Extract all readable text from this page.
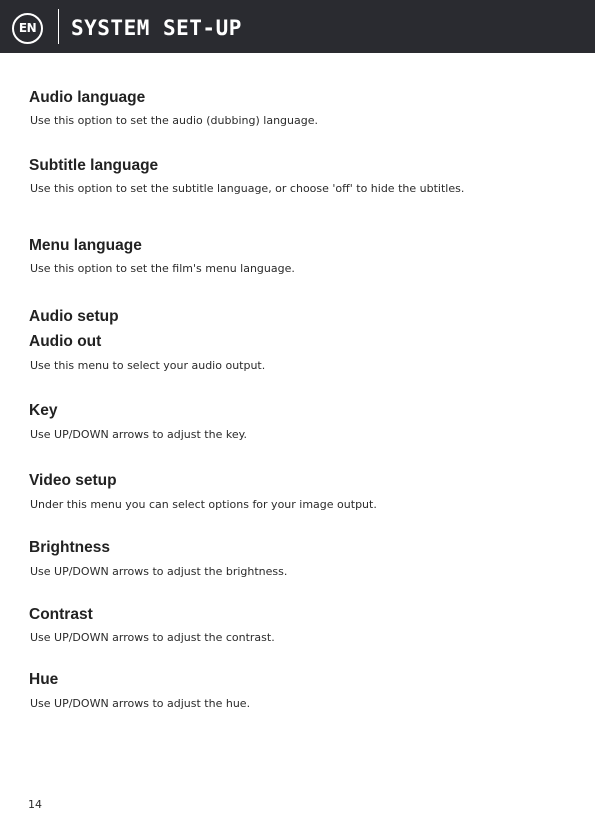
EN	SYSTEM SET-UP
Audio language

Use this option to set the audio (dubbing) language.

Subtitle language

Use this option to set the subtitle language, or choose 'off' to hide the ubtitles.

Menu language

Use this option to set the film's menu language.

Audio setup
Audio out

Use this menu to select your audio output.

Key

Use UP/DOWN arrows to adjust the key.

Video setup

Under this menu you can select options for your image output.

Brightness

Use UP/DOWN arrows to adjust the brightness.

Contrast

Use UP/DOWN arrows to adjust the contrast.

Hue

Use UP/DOWN arrows to adjust the hue.

14
